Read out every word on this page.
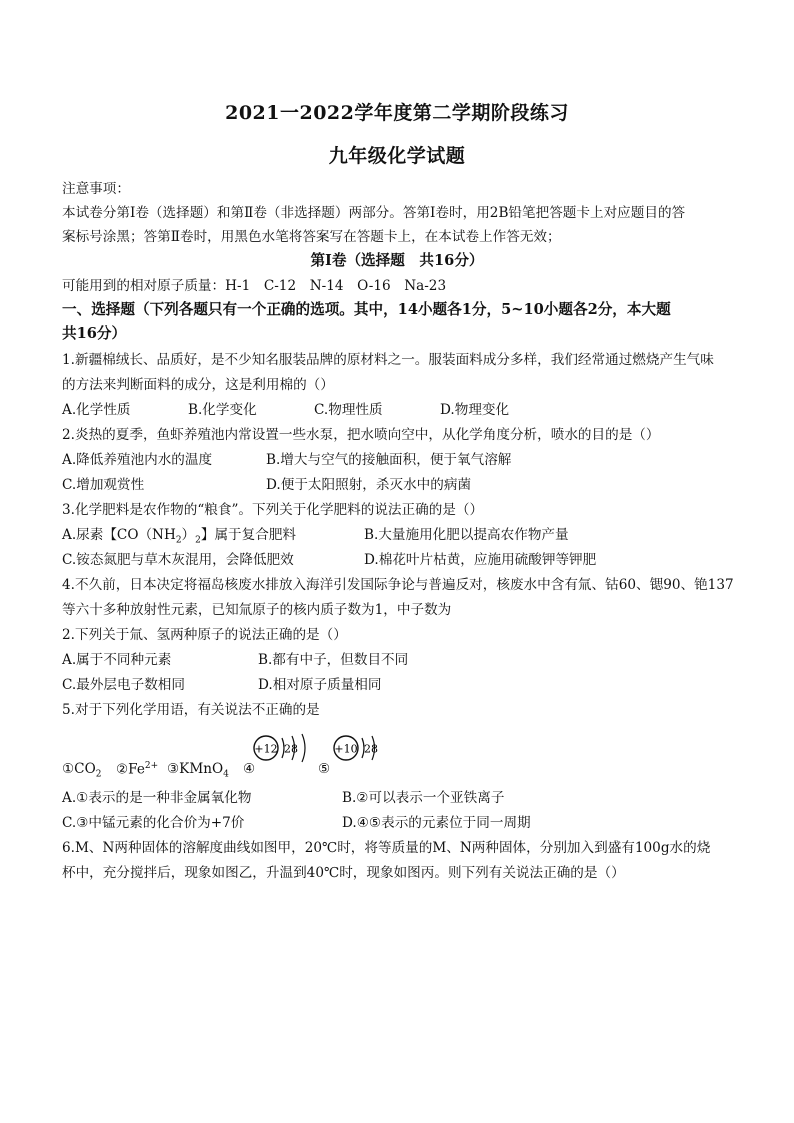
2021一2022学年度第二学期阶段练习
九年级化学试题
注意事项：
本试卷分第Ⅰ卷（选择题）和第Ⅱ卷（非选择题）两部分。答第Ⅰ卷时，用2B铅笔把答题卡上对应题目的答
案标号涂黑；答第Ⅱ卷时，用黑色水笔将答案写在答题卡上，在本试卷上作答无效；
第Ⅰ卷（选择题　共16分）
可能用到的相对原子质量：H-1　C-12　N-14　O-16　Na-23
一、选择题（下列各题只有一个正确的选项。其中，14小题各1分，5~10小题各2分，本大题
共16分）
1.新疆棉绒长、品质好，是不少知名服装品牌的原材料之一。服装面料成分多样，我们经常通过燃烧产生气味
的方法来判断面料的成分，这是利用棉的（）
A.化学性质	B.化学变化	C.物理性质	D.物理变化
2.炎热的夏季，鱼虾养殖池内常设置一些水泵，把水喷向空中，从化学角度分析，喷水的目的是（）
A.降低养殖池内水的温度	B.增大与空气的接触面积，便于氧气溶解
C.增加观赏性	D.便于太阳照射，杀灭水中的病菌
3.化学肥料是农作物的“粮食”。下列关于化学肥料的说法正确的是（）
A.尿素【$CO(NH_2)_2$】属于复合肥料	B.大量施用化肥以提高农作物产量
C.铵态氮肥与草木灰混用，会降低肥效	D.棉花叶片枯黄，应施用硫酸钾等钾肥
4.不久前，日本决定将福岛核废水排放入海洋引发国际争论与普遍反对，核废水中含有氚、钴60、锶90、铯137
等六十多种放射性元素，已知氚原子的核内质子数为1，中子数为
2.下列关于氚、氢两种原子的说法正确的是（）
A.属于不同种元素	B.都有中子，但数目不同
C.最外层电子数相同	D.相对原子质量相同
5.对于下列化学用语，有关说法不正确的是
$①CO_2$ $②Fe^{2+}$ ③KMnO$_4$ ④	⑤
+12 28	+10 28
A.①表示的是一种非金属氧化物	B.②可以表示一个亚铁离子
C.③中锰元素的化合价为+7价	D.④⑤表示的元素位于同一周期
6.M、N两种固体的溶解度曲线如图甲，20℃时，将等质量的M、N两种固体，分别加入到盛有100g水的烧
杯中，充分搅拌后，现象如图乙，升温到40℃时，现象如图丙。则下列有关说法正确的是（）
